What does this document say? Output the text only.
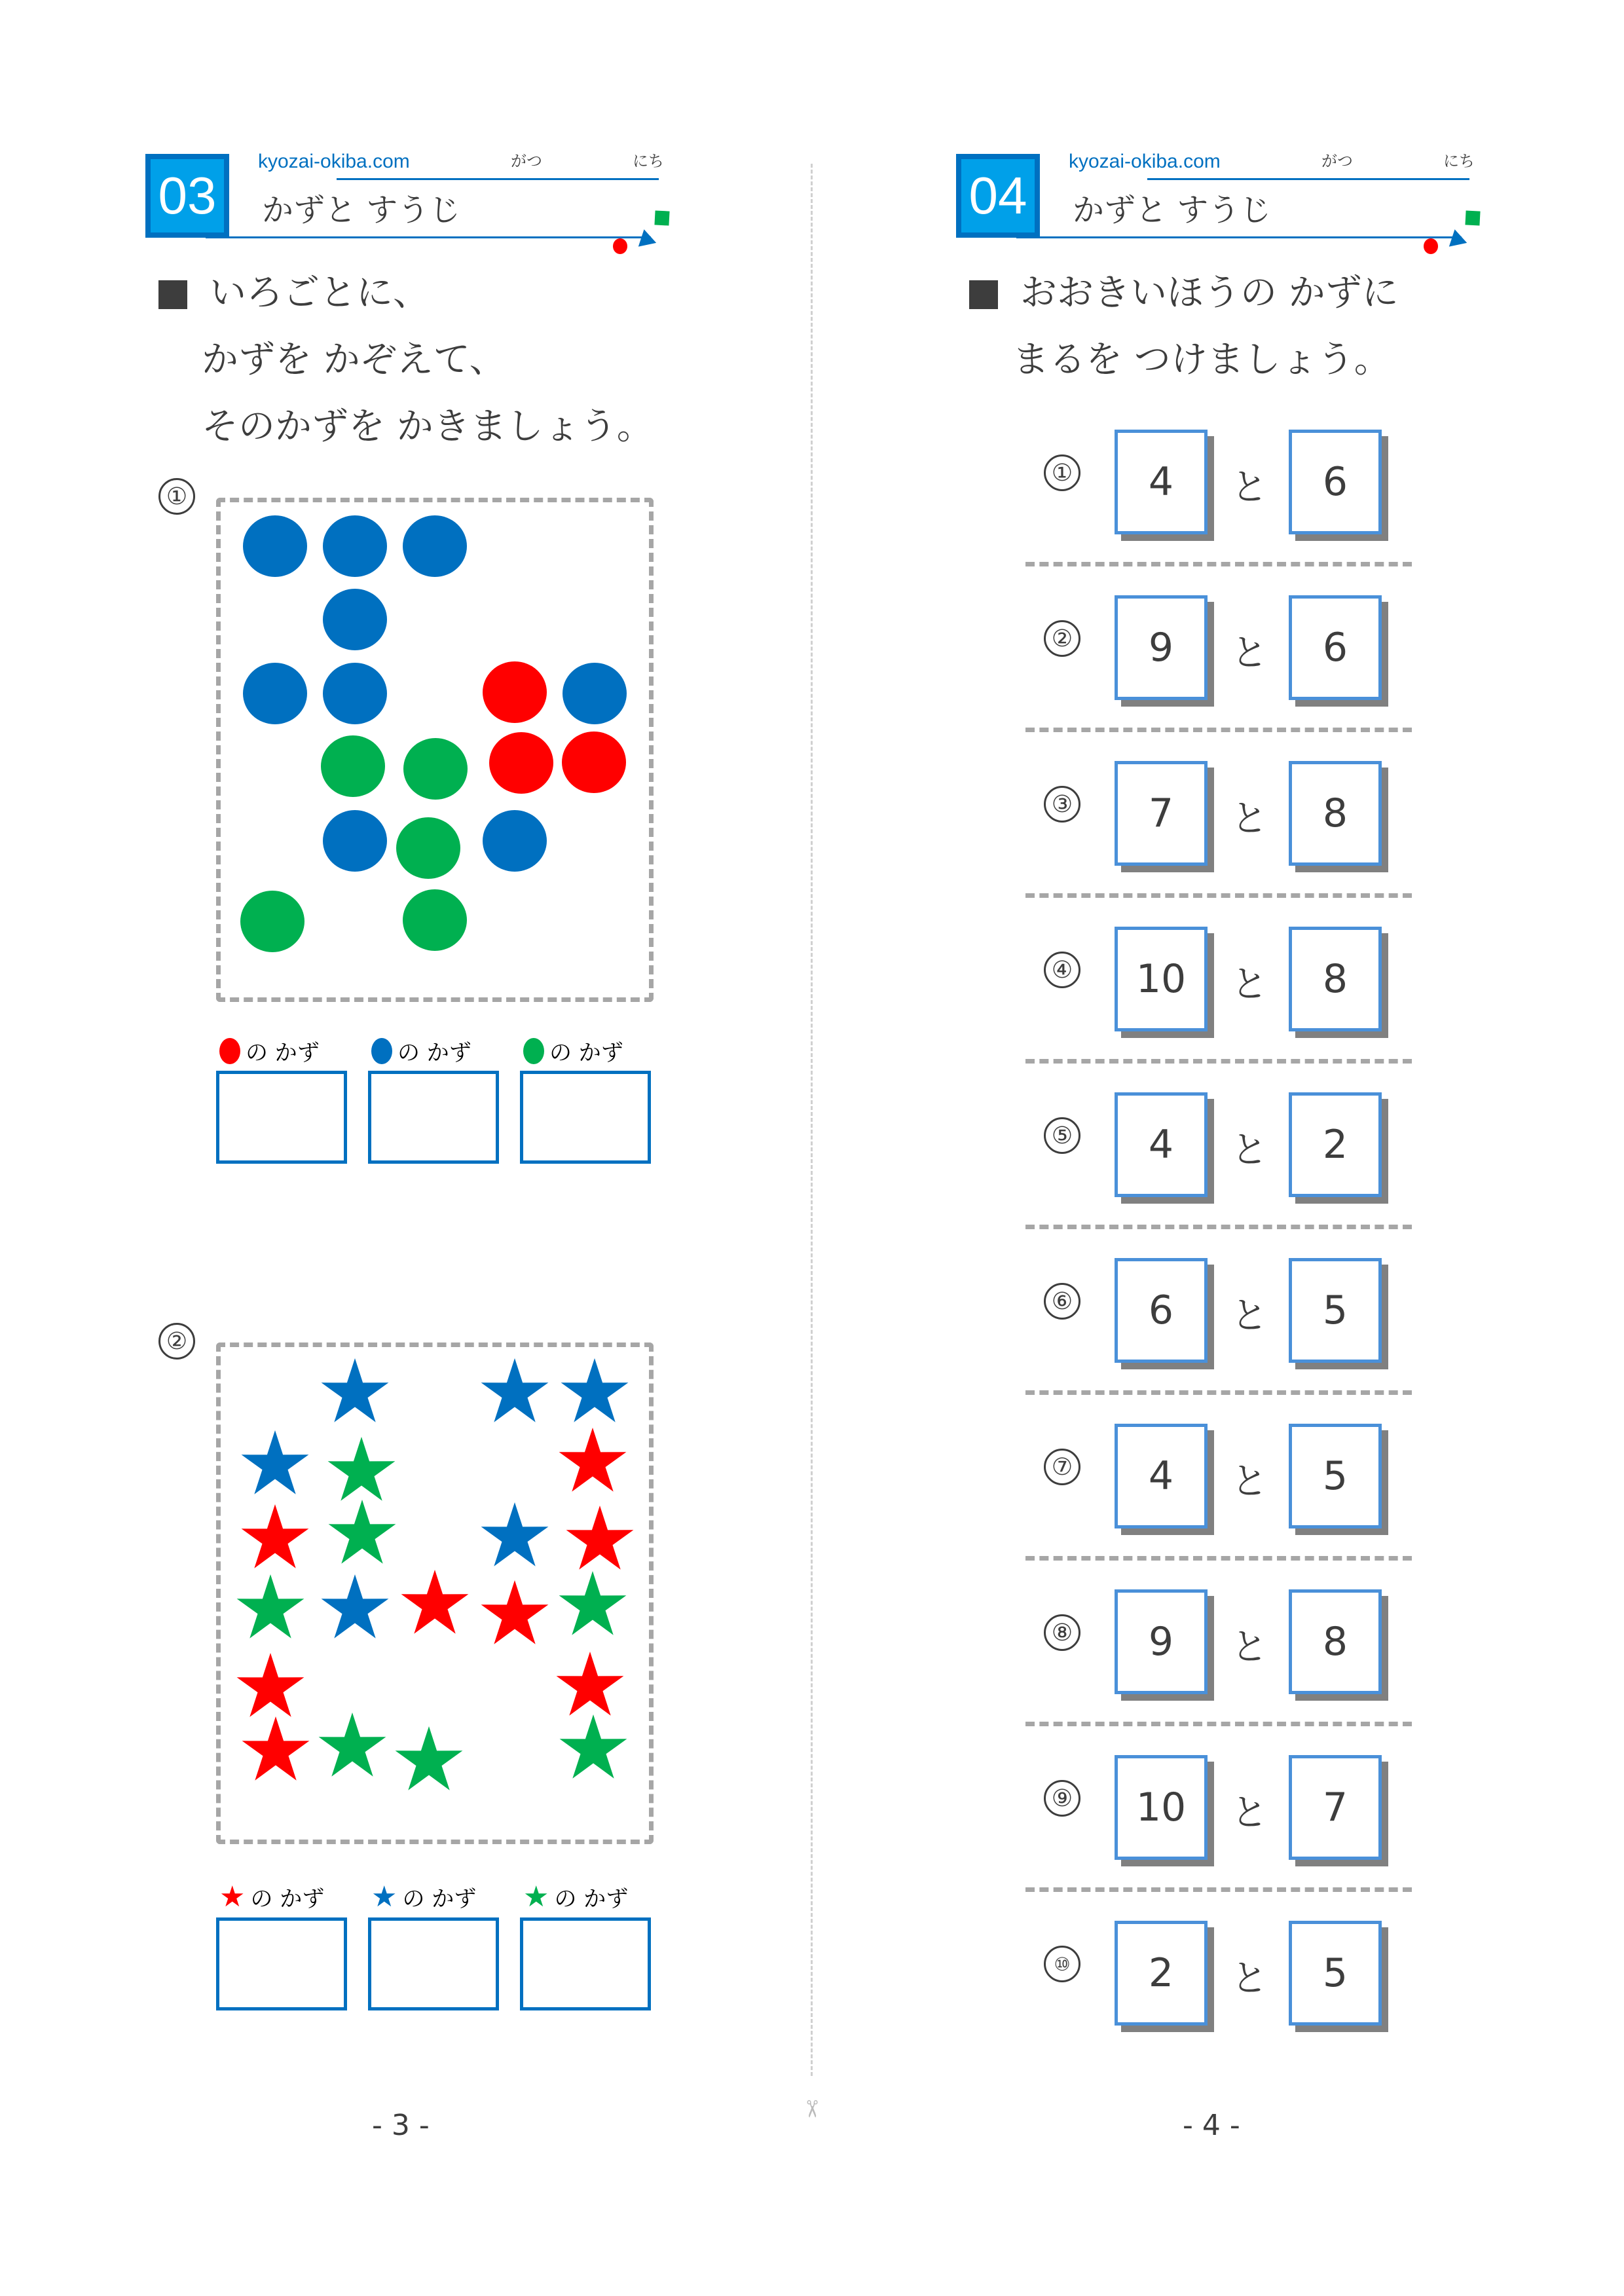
✂
03
kyozai-okiba.com	がつ	にち
かずと すうじ
いろごとに、
かずを かぞえて、
そのかずを かきましょう。
①
の かず	の かず	の かず
②
★ の かず ★ の かず ★ の かず
- 3 -
04
kyozai-okiba.com	がつ	にち
かずと すうじ
おおきいほうの かずに
まるを つけましょう。
①	4	と	6
②	9	と	6
③	7	と	8
④	10	と	8
⑤	4	と	2
⑥	6	と	5
⑦	4	と	5
⑧	9	と	8
⑨	10	と	7
⑩	2	と	5
- 4 -
